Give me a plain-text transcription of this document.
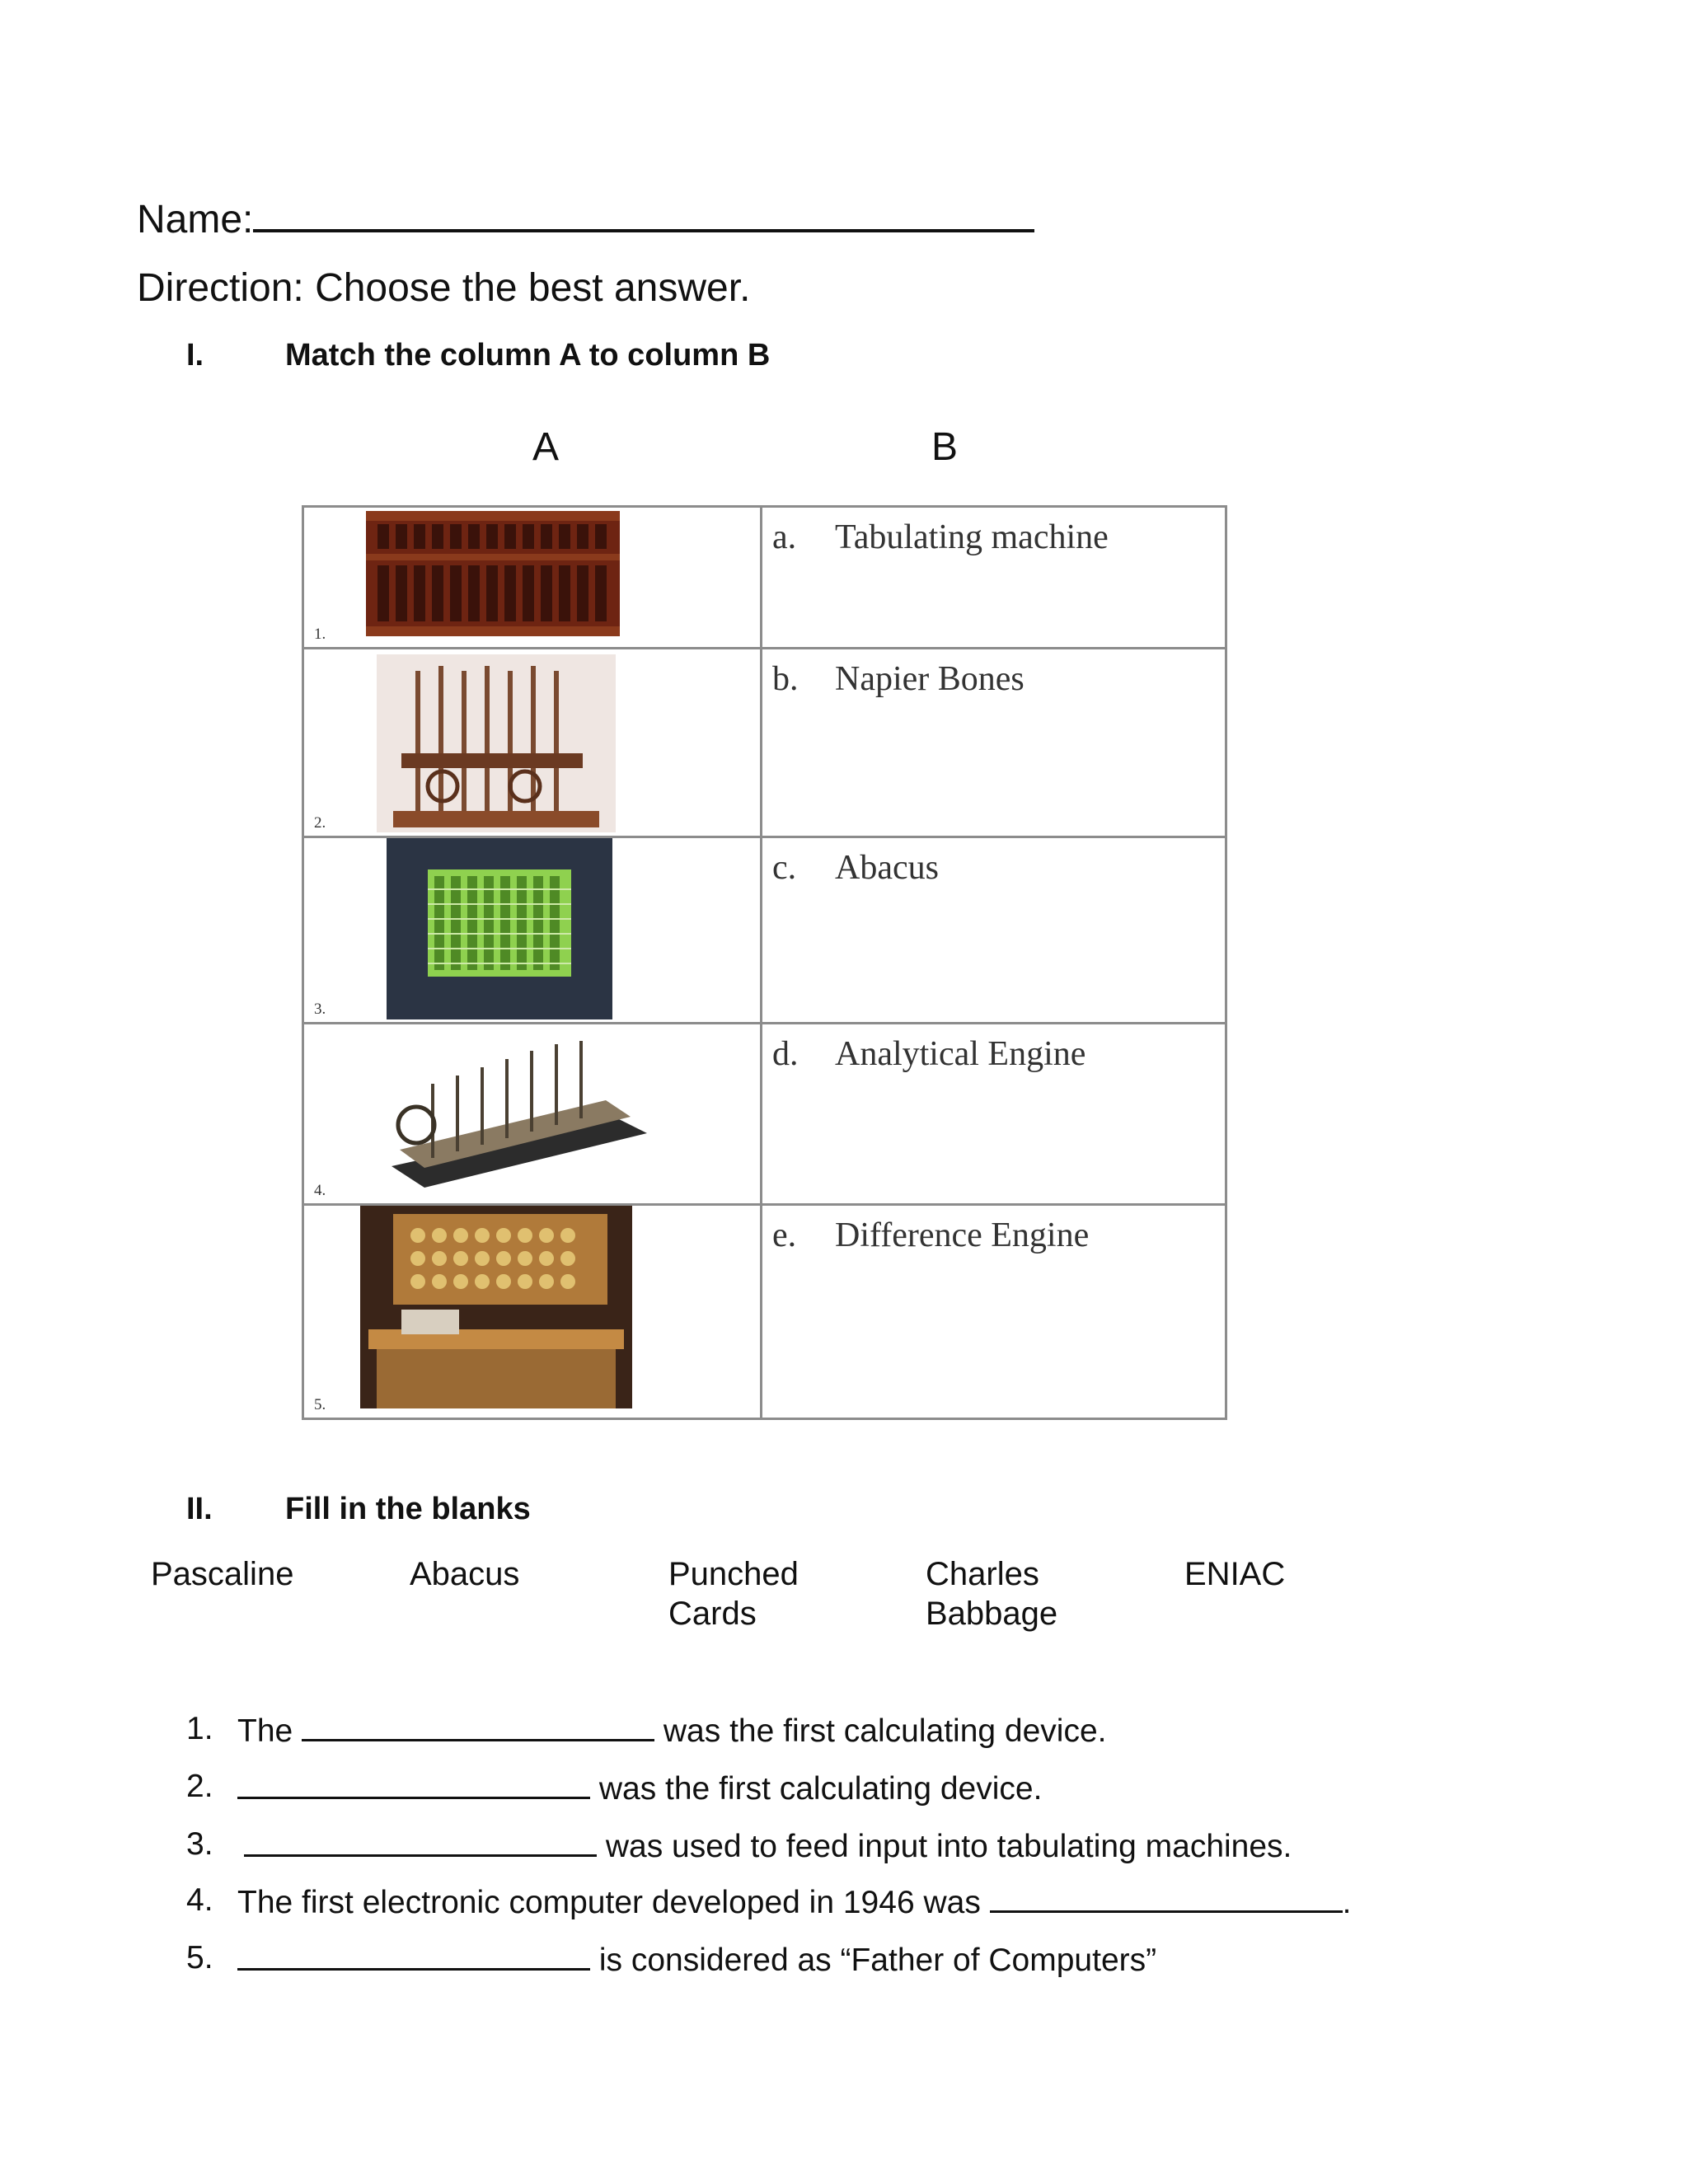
Name:
Direction: Choose the best answer.
I.	Match the column A to column B
A	B
1.	a. Tabulating machine

2.	b. Napier Bones

3.	c. Abacus

4.	d. Analytical Engine

5.	e. Difference Engine
II. Fill in the blanks
Pascaline	Abacus	Punched
Cards
Charles
Babbage
ENIAC
1. The	was the first calculating device.
2.	was the first calculating device.
3.	was used to feed input into tabulating machines.
4. The first electronic computer developed in 1946 was	.
5.	is considered as “Father of Computers”
